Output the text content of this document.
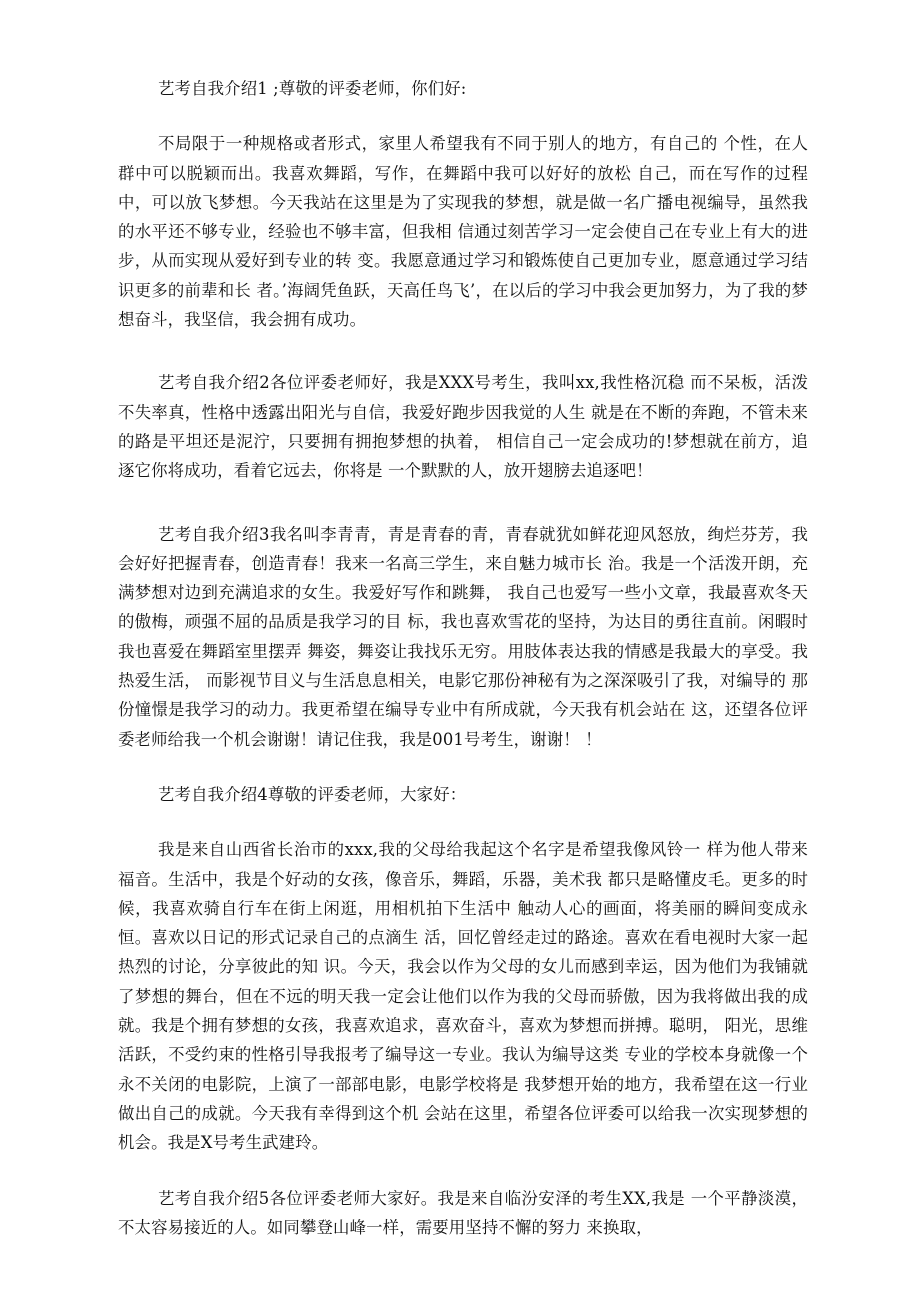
艺考自我介绍1 ;尊敬的评委老师，你们好:

不局限于一种规格或者形式，家里人希望我有不同于别人的地方，有自己的 个性，在人群中可以脱颖而出。我喜欢舞蹈，写作，在舞蹈中我可以好好的放松 自己，而在写作的过程中，可以放飞梦想。今天我站在这里是为了实现我的梦想，就是做一名广播电视编导，虽然我的水平还不够专业，经验也不够丰富，但我相 信通过刻苦学习一定会使自己在专业上有大的进步，从而实现从爱好到专业的转 变。我愿意通过学习和锻炼使自己更加专业，愿意通过学习结识更多的前辈和长 者。’海阔凭鱼跃，天高任鸟飞’，在以后的学习中我会更加努力，为了我的梦 想奋斗，我坚信，我会拥有成功。

艺考自我介绍2各位评委老师好，我是XXX号考生，我叫xx,我性格沉稳 而不呆板，活泼不失率真，性格中透露出阳光与自信，我爱好跑步因我觉的人生 就是在不断的奔跑，不管未来的路是平坦还是泥泞，只要拥有拥抱梦想的执着， 相信自己一定会成功的!梦想就在前方，追逐它你将成功，看着它远去，你将是 一个默默的人，放开翅膀去追逐吧！

艺考自我介绍3我名叫李青青，青是青春的青，青春就犹如鲜花迎风怒放，绚烂芬芳，我会好好把握青春，创造青春！我来一名高三学生，来自魅力城市长 治。我是一个活泼开朗，充满梦想对边到充满追求的女生。我爱好写作和跳舞， 我自己也爱写一些小文章，我最喜欢冬天的傲梅，顽强不屈的品质是我学习的目 标，我也喜欢雪花的坚持，为达目的勇往直前。闲暇时我也喜爱在舞蹈室里摆弄 舞姿，舞姿让我找乐无穷。用肢体表达我的情感是我最大的享受。我热爱生活， 而影视节目义与生活息息相关，电影它那份神秘有为之深深吸引了我，对编导的 那份憧憬是我学习的动力。我更希望在编导专业中有所成就，今天我有机会站在 这，还望各位评委老师给我一个机会谢谢！请记住我，我是001号考生，谢谢！ ！

艺考自我介绍4尊敬的评委老师，大家好：

我是来自山西省长治市的xxx,我的父母给我起这个名字是希望我像风铃一 样为他人带来福音。生活中，我是个好动的女孩，像音乐，舞蹈，乐器，美术我 都只是略懂皮毛。更多的时候，我喜欢骑自行车在街上闲逛，用相机拍下生活中 触动人心的画面，将美丽的瞬间变成永恒。喜欢以日记的形式记录自己的点滴生 活，回忆曾经走过的路途。喜欢在看电视时大家一起热烈的讨论，分享彼此的知 识。今天，我会以作为父母的女儿而感到幸运，因为他们为我铺就了梦想的舞台，但在不远的明天我一定会让他们以作为我的父母而骄傲，因为我将做出我的成 就。我是个拥有梦想的女孩，我喜欢追求，喜欢奋斗，喜欢为梦想而拼搏。聪明， 阳光，思维活跃，不受约束的性格引导我报考了编导这一专业。我认为编导这类 专业的学校本身就像一个永不关闭的电影院，上演了一部部电影，电影学校将是 我梦想开始的地方，我希望在这一行业做出自己的成就。今天我有幸得到这个机 会站在这里，希望各位评委可以给我一次实现梦想的机会。我是X号考生武建玲。

艺考自我介绍5各位评委老师大家好。我是来自临汾安泽的考生XX,我是 一个平静淡漠，不太容易接近的人。如同攀登山峰一样，需要用坚持不懈的努力 来换取，
